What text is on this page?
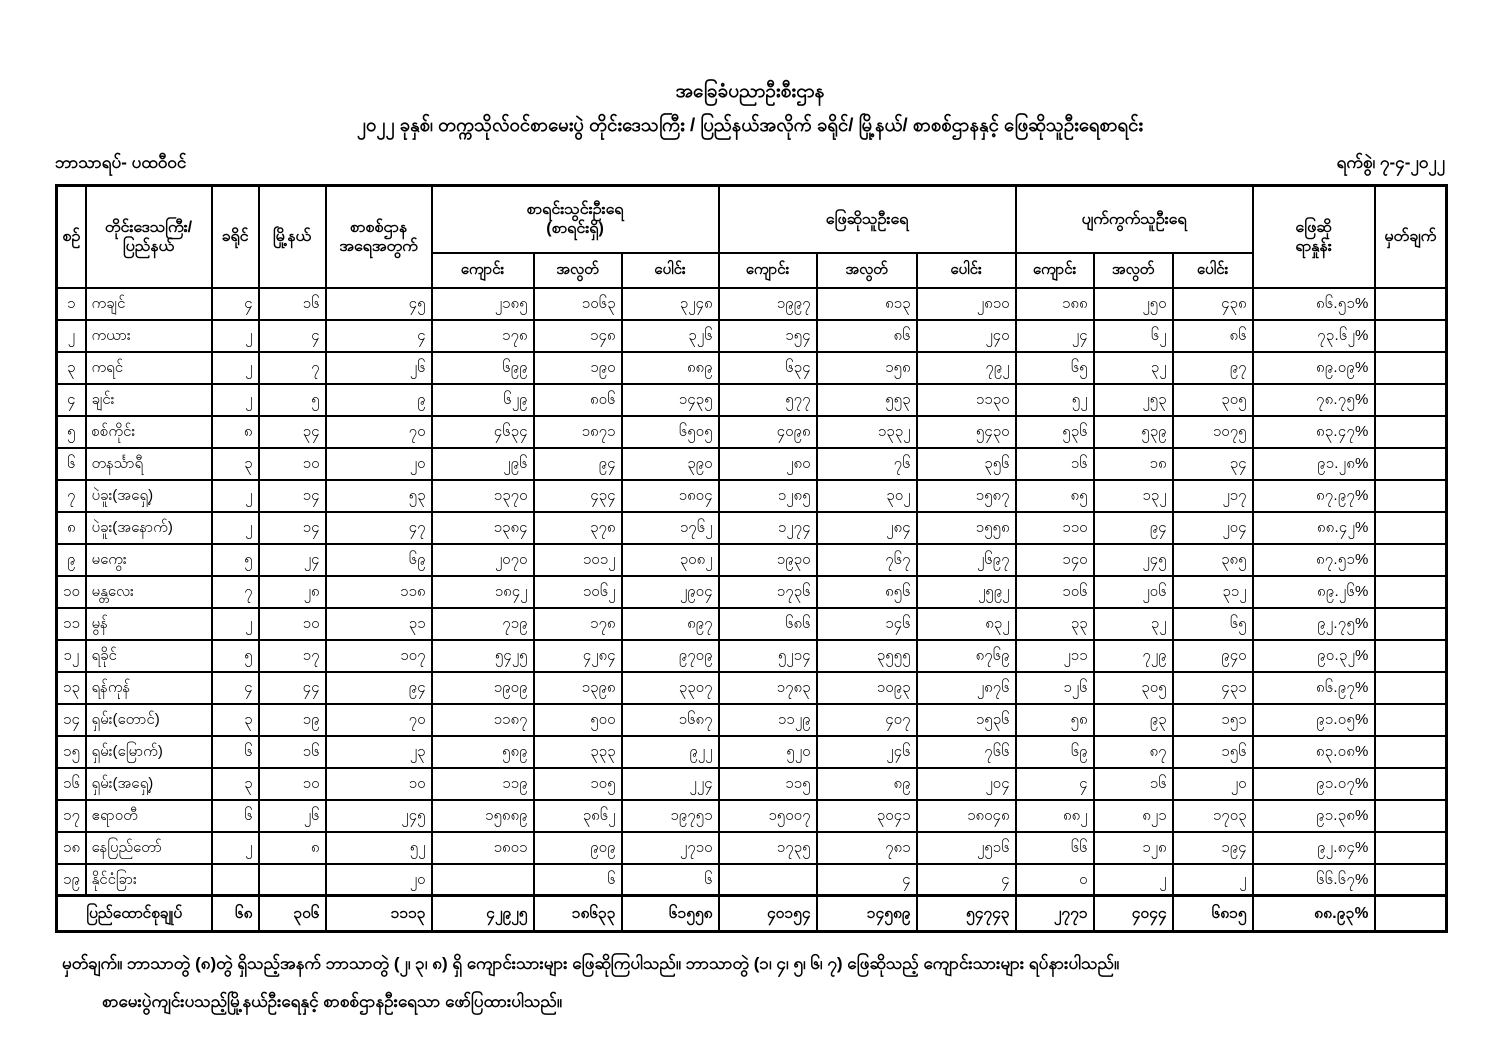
အခြေခံပညာဦးစီးဌာန
၂၀၂၂ ခုနှစ်၊ တက္ကသိုလ်ဝင်စာမေးပွဲ တိုင်းဒေသကြီး / ပြည်နယ်အလိုက် ခရိုင်/ မြို့နယ်/ စာစစ်ဌာနနှင့် ဖြေဆိုသူဦးရေစာရင်း
ဘာသာရပ်- ပထဝီဝင်	ရက်စွဲ၊ ၇-၄-၂၀၂၂
စဉ်	တိုင်းဒေသကြီး/
ပြည်နယ်	ခရိုင်	မြို့နယ်	စာစစ်ဌာန
အရေအတွက်	စာရင်းသွင်းဦးရေ
(စာရင်းရှိ)			ဖြေဆိုသူဦးရေ			ပျက်ကွက်သူဦးရေ			ဖြေဆို
ရာနှုန်း	မှတ်ချက်
					ကျောင်း	အလွတ်	ပေါင်း	ကျောင်း	အလွတ်	ပေါင်း	ကျောင်း	အလွတ်	ပေါင်း		
၁	ကချင်	၄	၁၆	၄၅	၂၁၈၅	၁၀၆၃	၃၂၄၈	၁၉၉၇	၈၁၃	၂၈၁၀	၁၈၈	၂၅၀	၄၃၈	၈၆.၅၁%	
၂	ကယား	၂	၄	၄	၁၇၈	၁၄၈	၃၂၆	၁၅၄	၈၆	၂၄၀	၂၄	၆၂	၈၆	၇၃.၆၂%	
၃	ကရင်	၂	၇	၂၆	၆၉၉	၁၉၀	၈၈၉	၆၃၄	၁၅၈	၇၉၂	၆၅	၃၂	၉၇	၈၉.၀၉%	
၄	ချင်း	၂	၅	၉	၆၂၉	၈၀၆	၁၄၃၅	၅၇၇	၅၅၃	၁၁၃၀	၅၂	၂၅၃	၃၀၅	၇၈.၇၅%	
၅	စစ်ကိုင်း	၈	၃၄	၇၀	၄၆၃၄	၁၈၇၁	၆၅၀၅	၄၀၉၈	၁၃၃၂	၅၄၃၀	၅၃၆	၅၃၉	၁၀၇၅	၈၃.၄၇%	
၆	တနင်္သာရီ	၃	၁၀	၂၀	၂၉၆	၉၄	၃၉၀	၂၈၀	၇၆	၃၅၆	၁၆	၁၈	၃၄	၉၁.၂၈%	
၇	ပဲခူး(အရှေ့)	၂	၁၄	၅၃	၁၃၇၀	၄၃၄	၁၈၀၄	၁၂၈၅	၃၀၂	၁၅၈၇	၈၅	၁၃၂	၂၁၇	၈၇.၉၇%	
၈	ပဲခူး(အနောက်)	၂	၁၄	၄၇	၁၃၈၄	၃၇၈	၁၇၆၂	၁၂၇၄	၂၈၄	၁၅၅၈	၁၁၀	၉၄	၂၀၄	၈၈.၄၂%	
၉	မကွေး	၅	၂၄	၆၉	၂၀၇၀	၁၀၁၂	၃၀၈၂	၁၉၃၀	၇၆၇	၂၆၉၇	၁၄၀	၂၄၅	၃၈၅	၈၇.၅၁%	
၁၀	မန္တလေး	၇	၂၈	၁၁၈	၁၈၄၂	၁၀၆၂	၂၉၀၄	၁၇၃၆	၈၅၆	၂၅၉၂	၁၀၆	၂၀၆	၃၁၂	၈၉.၂၆%	
၁၁	မွန်	၂	၁၀	၃၁	၇၁၉	၁၇၈	၈၉၇	၆၈၆	၁၄၆	၈၃၂	၃၃	၃၂	၆၅	၉၂.၇၅%	
၁၂	ရခိုင်	၅	၁၇	၁၀၇	၅၄၂၅	၄၂၈၄	၉၇၀၉	၅၂၁၄	၃၅၅၅	၈၇၆၉	၂၁၁	၇၂၉	၉၄၀	၉၀.၃၂%	
၁၃	ရန်ကုန်	၄	၄၄	၉၄	၁၉၀၉	၁၃၉၈	၃၃၀၇	၁၇၈၃	၁၀၉၃	၂၈၇၆	၁၂၆	၃၀၅	၄၃၁	၈၆.၉၇%	
၁၄	ရှမ်း(တောင်)	၃	၁၉	၇၀	၁၁၈၇	၅၀၀	၁၆၈၇	၁၁၂၉	၄၀၇	၁၅၃၆	၅၈	၉၃	၁၅၁	၉၁.၀၅%	
၁၅	ရှမ်း(မြောက်)	၆	၁၆	၂၃	၅၈၉	၃၃၃	၉၂၂	၅၂၀	၂၄၆	၇၆၆	၆၉	၈၇	၁၅၆	၈၃.၀၈%	
၁၆	ရှမ်း(အရှေ့)	၃	၁၀	၁၀	၁၁၉	၁၀၅	၂၂၄	၁၁၅	၈၉	၂၀၄	၄	၁၆	၂၀	၉၁.၀၇%	
၁၇	ဧရာဝတီ	၆	၂၆	၂၄၅	၁၅၈၈၉	၃၈၆၂	၁၉၇၅၁	၁၅၀၀၇	၃၀၄၁	၁၈၀၄၈	၈၈၂	၈၂၁	၁၇၀၃	၉၁.၃၈%	
၁၈	နေပြည်တော်	၂	၈	၅၂	၁၈၀၁	၉၀၉	၂၇၁၀	၁၇၃၅	၇၈၁	၂၅၁၆	၆၆	၁၂၈	၁၉၄	၉၂.၈၄%	
၁၉	နိုင်ငံခြား			၂၀		၆	၆		၄	၄	၀	၂	၂	၆၆.၆၇%	
ပြည်ထောင်စုချုပ်		၆၈	၃၀၆	၁၁၁၃	၄၂၉၂၅	၁၈၆၃၃	၆၁၅၅၈	၄၀၁၅၄	၁၄၅၈၉	၅၄၇၄၃	၂၇၇၁	၄၀၄၄	၆၈၁၅	၈၈.၉၃%	
မှတ်ချက်။ ဘာသာတွဲ (၈)တွဲ ရှိသည့်အနက် ဘာသာတွဲ (၂၊ ၃၊ ၈) ရှိ ကျောင်းသားများ ဖြေဆိုကြပါသည်။ ဘာသာတွဲ (၁၊ ၄၊ ၅၊ ၆၊ ၇) ဖြေဆိုသည့် ကျောင်းသားများ ရပ်နားပါသည်။
စာမေးပွဲကျင်းပသည့်မြို့နယ်ဦးရေနှင့် စာစစ်ဌာနဦးရေသာ ဖော်ပြထားပါသည်။
